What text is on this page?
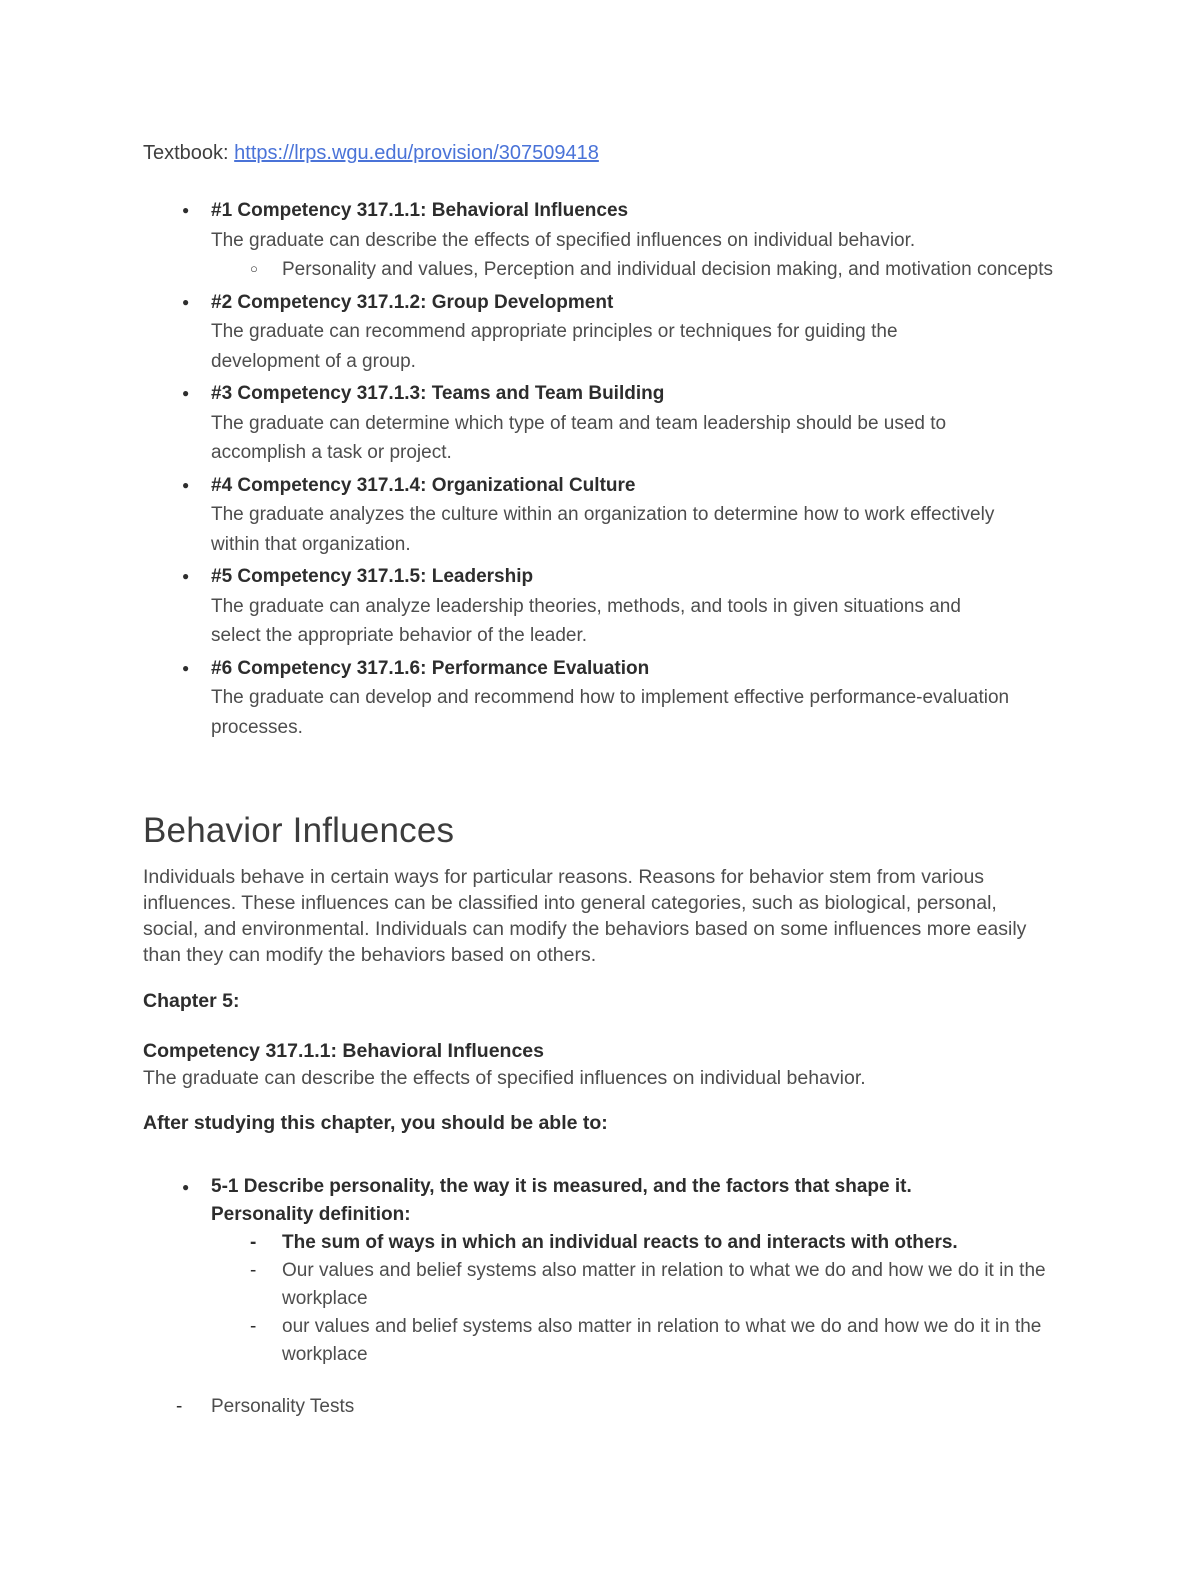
Textbook: https://lrps.wgu.edu/provision/307509418

●	#1 Competency 317.1.1: Behavioral Influences
The graduate can describe the effects of specified influences on individual behavior.
○	Personality and values, Perception and individual decision making, and motivation concepts
●	#2 Competency 317.1.2: Group Development
The graduate can recommend appropriate principles or techniques for guiding the development of a group.
●	#3 Competency 317.1.3: Teams and Team Building
The graduate can determine which type of team and team leadership should be used to accomplish a task or project.
●	#4 Competency 317.1.4: Organizational Culture
The graduate analyzes the culture within an organization to determine how to work effectively within that organization.
●	#5 Competency 317.1.5: Leadership
The graduate can analyze leadership theories, methods, and tools in given situations and select the appropriate behavior of the leader.
●	#6 Competency 317.1.6: Performance Evaluation
The graduate can develop and recommend how to implement effective performance-evaluation processes.
Behavior Influences

Individuals behave in certain ways for particular reasons. Reasons for behavior stem from various influences. These influences can be classified into general categories, such as biological, personal, social, and environmental. Individuals can modify the behaviors based on some influences more easily than they can modify the behaviors based on others.

Chapter 5:

Competency 317.1.1: Behavioral Influences

The graduate can describe the effects of specified influences on individual behavior.

After studying this chapter, you should be able to:

●	5-1 Describe personality, the way it is measured, and the factors that shape it.
Personality definition:
-	The sum of ways in which an individual reacts to and interacts with others.
-	Our values and belief systems also matter in relation to what we do and how we do it in the workplace
-	our values and belief systems also matter in relation to what we do and how we do it in the workplace
-	Personality Tests
